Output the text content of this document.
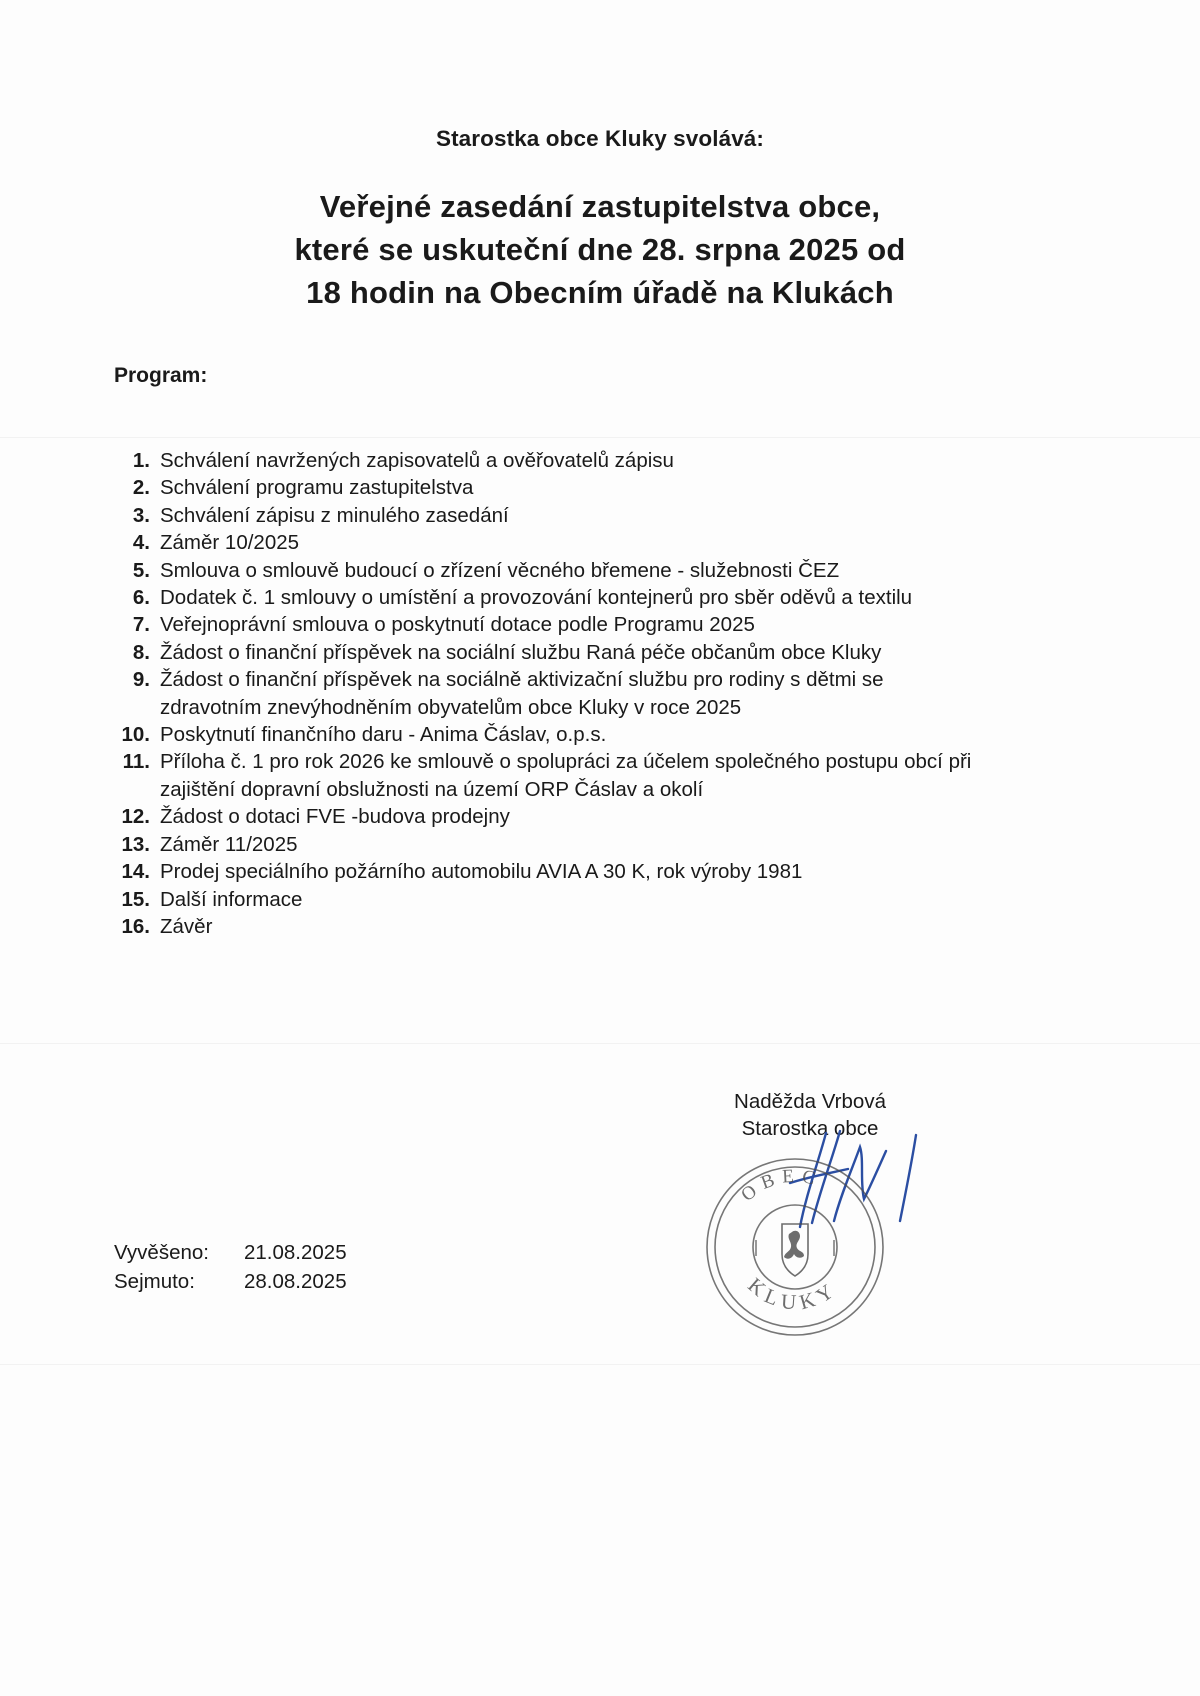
Starostka obce Kluky svolává:
Veřejné zasedání zastupitelstva obce,
které se uskuteční dne 28. srpna 2025 od
18 hodin na Obecním úřadě na Klukách
Program:
1. Schválení navržených zapisovatelů a ověřovatelů zápisu
2. Schválení programu zastupitelstva
3. Schválení zápisu z minulého zasedání
4. Záměr 10/2025
5. Smlouva o smlouvě budoucí o zřízení věcného břemene - služebnosti ČEZ
6. Dodatek č. 1 smlouvy o umístění a provozování kontejnerů pro sběr oděvů a textilu
7. Veřejnoprávní smlouva o poskytnutí dotace podle Programu 2025
8. Žádost o finanční příspěvek na sociální službu Raná péče občanům obce Kluky
9. Žádost o finanční příspěvek na sociálně aktivizační službu pro rodiny s dětmi se zdravotním znevýhodněním obyvatelům obce Kluky v roce 2025
10. Poskytnutí finančního daru - Anima Čáslav, o.p.s.
11. Příloha č. 1 pro rok 2026 ke smlouvě o spolupráci za účelem společného postupu obcí při zajištění dopravní obslužnosti na území ORP Čáslav a okolí
12. Žádost o dotaci FVE -budova prodejny
13. Záměr 11/2025
14. Prodej speciálního požárního automobilu AVIA A 30 K, rok výroby 1981
15. Další informace
16. Závěr
Naděžda Vrbová
Starostka obce
OBEC
KLUKY
Vyvěšeno:	21.08.2025
Sejmuto:	28.08.2025
